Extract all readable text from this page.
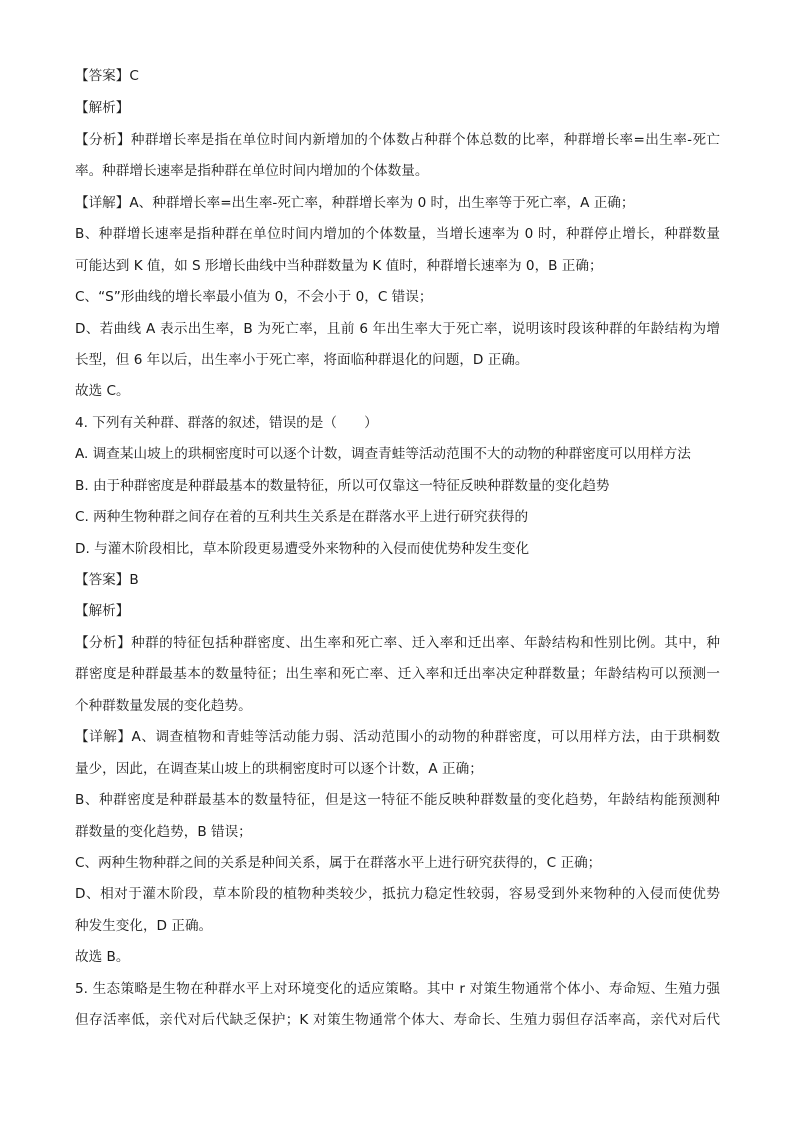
【答案】C
【解析】
【分析】种群增长率是指在单位时间内新增加的个体数占种群个体总数的比率，种群增长率=出生率-死亡
率。种群增长速率是指种群在单位时间内增加的个体数量。
【详解】A、种群增长率=出生率-死亡率，种群增长率为 0 时，出生率等于死亡率，A 正确；
B、种群增长速率是指种群在单位时间内增加的个体数量，当增长速率为 0 时，种群停止增长，种群数量
可能达到 K 值，如 S 形增长曲线中当种群数量为 K 值时，种群增长速率为 0，B 正确；
C、“S”形曲线的增长率最小值为 0，不会小于 0，C 错误；
D、若曲线 A 表示出生率，B 为死亡率，且前 6 年出生率大于死亡率，说明该时段该种群的年龄结构为增
长型，但 6 年以后，出生率小于死亡率，将面临种群退化的问题，D 正确。
故选 C。
4. 下列有关种群、群落的叙述，错误的是（　　）
A. 调查某山坡上的珙桐密度时可以逐个计数，调查青蛙等活动范围不大的动物的种群密度可以用样方法
B. 由于种群密度是种群最基本的数量特征，所以可仅靠这一特征反映种群数量的变化趋势
C. 两种生物种群之间存在着的互利共生关系是在群落水平上进行研究获得的
D. 与灌木阶段相比，草本阶段更易遭受外来物种的入侵而使优势种发生变化
【答案】B
【解析】
【分析】种群的特征包括种群密度、出生率和死亡率、迁入率和迁出率、年龄结构和性别比例。其中，种
群密度是种群最基本的数量特征；出生率和死亡率、迁入率和迁出率决定种群数量；年龄结构可以预测一
个种群数量发展的变化趋势。
【详解】A、调查植物和青蛙等活动能力弱、活动范围小的动物的种群密度，可以用样方法，由于珙桐数
量少，因此，在调查某山坡上的珙桐密度时可以逐个计数，A 正确；
B、种群密度是种群最基本的数量特征，但是这一特征不能反映种群数量的变化趋势，年龄结构能预测种
群数量的变化趋势，B 错误；
C、两种生物种群之间的关系是种间关系，属于在群落水平上进行研究获得的，C 正确；
D、相对于灌木阶段，草本阶段的植物种类较少，抵抗力稳定性较弱，容易受到外来物种的入侵而使优势
种发生变化，D 正确。
故选 B。
5. 生态策略是生物在种群水平上对环境变化的适应策略。其中 r 对策生物通常个体小、寿命短、生殖力强
但存活率低，亲代对后代缺乏保护；K 对策生物通常个体大、寿命长、生殖力弱但存活率高，亲代对后代
